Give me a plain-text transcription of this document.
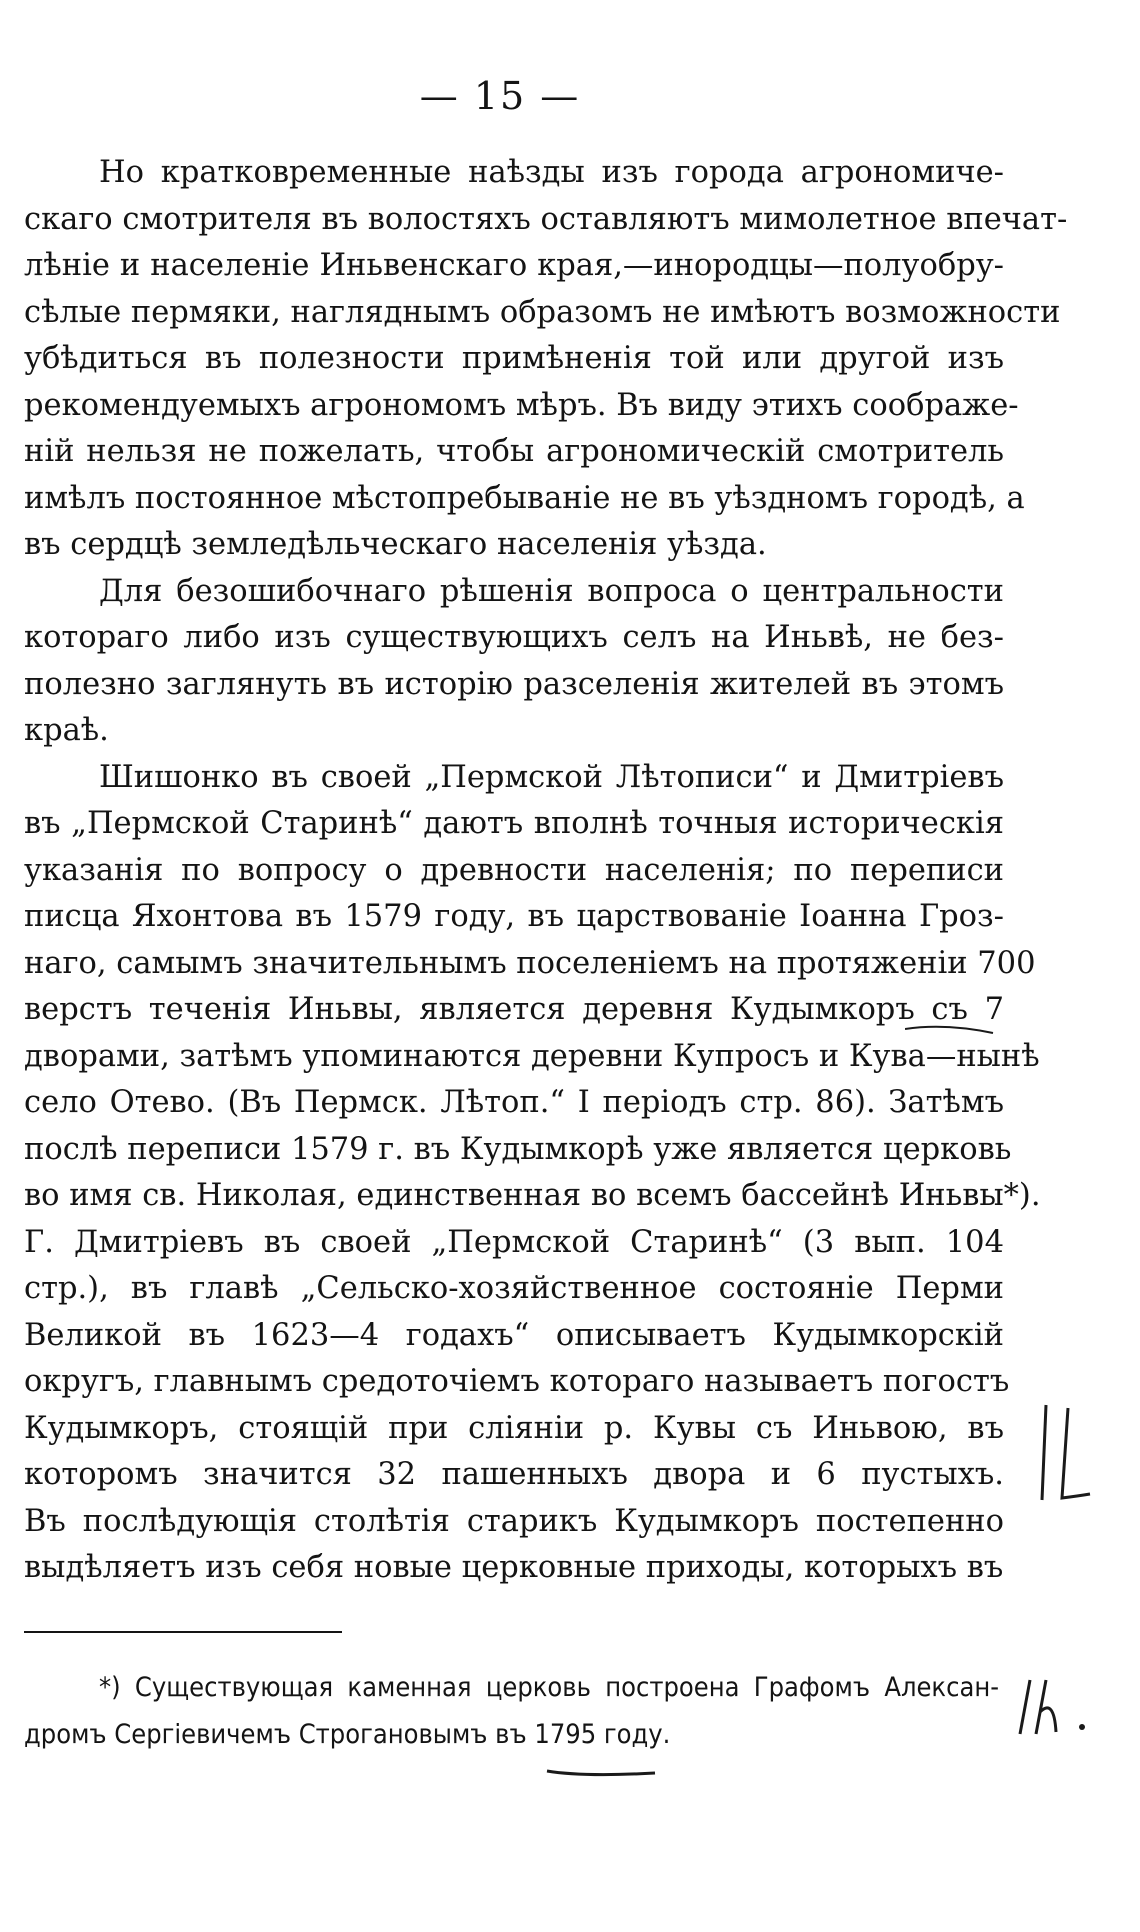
— 15 —
Но кратковременные наѣзды изъ города агрономиче-
скаго смотрителя въ волостяхъ оставляютъ мимолетное впечат-
лѣніе и населеніе Иньвенскаго края,—инородцы—полуобру-
сѣлые пермяки, нагляднымъ образомъ не имѣютъ возможности
убѣдиться въ полезности примѣненія той или другой изъ
рекомендуемыхъ агрономомъ мѣръ. Въ виду этихъ соображе-
ній нельзя не пожелать, чтобы агрономическій смотритель
имѣлъ постоянное мѣстопребываніе не въ уѣздномъ городѣ, а
въ сердцѣ земледѣльческаго населенія уѣзда.
Для безошибочнаго рѣшенія вопроса о центральности
котораго либо изъ существующихъ селъ на Иньвѣ, не без-
полезно заглянуть въ исторію разселенія жителей въ этомъ
краѣ.
Шишонко въ своей „Пермской Лѣтописи“ и Дмитріевъ
въ „Пермской Старинѣ“ даютъ вполнѣ точныя историческія
указанія по вопросу о древности населенія; по переписи
писца Яхонтова въ 1579 году, въ царствованіе Іоанна Гроз-
наго, самымъ значительнымъ поселеніемъ на протяженіи 700
верстъ теченія Иньвы, является деревня Кудымкоръ съ 7
дворами, затѣмъ упоминаются деревни Купросъ и Кува—нынѣ
село Отево. (Въ Пермск. Лѣтоп.“ I періодъ стр. 86). Затѣмъ
послѣ переписи 1579 г. въ Кудымкорѣ уже является церковь
во имя св. Николая, единственная во всемъ бассейнѣ Иньвы*).
Г. Дмитріевъ въ своей „Пермской Старинѣ“ (3 вып. 104
стр.), въ главѣ „Сельско-хозяйственное состояніе Перми
Великой въ 1623—4 годахъ“ описываетъ Кудымкорскій
округъ, главнымъ средоточіемъ котораго называетъ погостъ
Кудымкоръ, стоящій при сліяніи р. Кувы съ Иньвою, въ
которомъ значится 32 пашенныхъ двора и 6 пустыхъ.
Въ послѣдующія столѣтія старикъ Кудымкоръ постепенно
выдѣляетъ изъ себя новые церковные приходы, которыхъ въ
*) Существующая каменная церковь построена Графомъ Алексан-
дромъ Сергіевичемъ Строгановымъ въ 1795 году.
